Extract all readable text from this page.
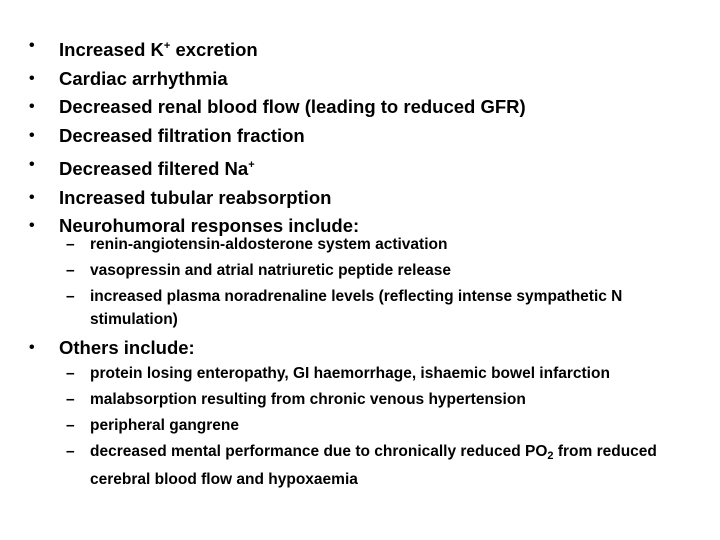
• Increased K+ excretion
• Cardiac arrhythmia
• Decreased renal blood flow (leading to reduced GFR)
• Decreased filtration fraction
• Decreased filtered Na+
• Increased tubular reabsorption
• Neurohumoral responses include:
– renin-angiotensin-aldosterone system activation
– vasopressin and atrial natriuretic peptide release
– increased plasma noradrenaline levels (reflecting intense sympathetic N stimulation)
• Others include:
– protein losing enteropathy, GI haemorrhage, ishaemic bowel infarction
– malabsorption resulting from chronic venous hypertension
– peripheral gangrene
– decreased mental performance due to chronically reduced $PO_2$ from reduced cerebral blood flow and hypoxaemia
